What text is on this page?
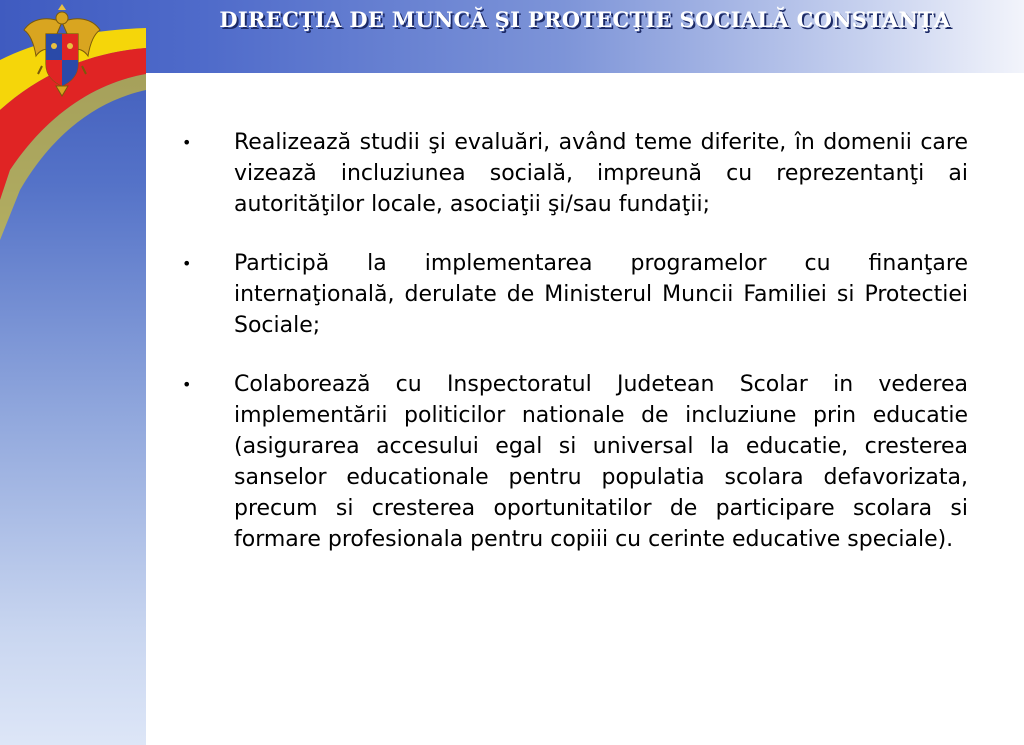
DIRECŢIA DE MUNCĂ ŞI PROTECŢIE SOCIALĂ CONSTANŢA
• Realizează studii şi evaluări, având teme diferite, în domenii care vizează incluziunea socială, impreună cu reprezentanţi ai autorităţilor locale, asociaţii şi/sau fundaţii;
• Participă la implementarea programelor cu finanţare internaţională, derulate de Ministerul Muncii Familiei si Protectiei Sociale;
• Colaborează cu Inspectoratul Judetean Scolar in vederea implementării politicilor nationale de incluziune prin educatie (asigurarea accesului egal si universal la educatie, cresterea sanselor educationale pentru populatia scolara defavorizata, precum si cresterea oportunitatilor de participare scolara si formare profesionala pentru copiii cu cerinte educative speciale).
